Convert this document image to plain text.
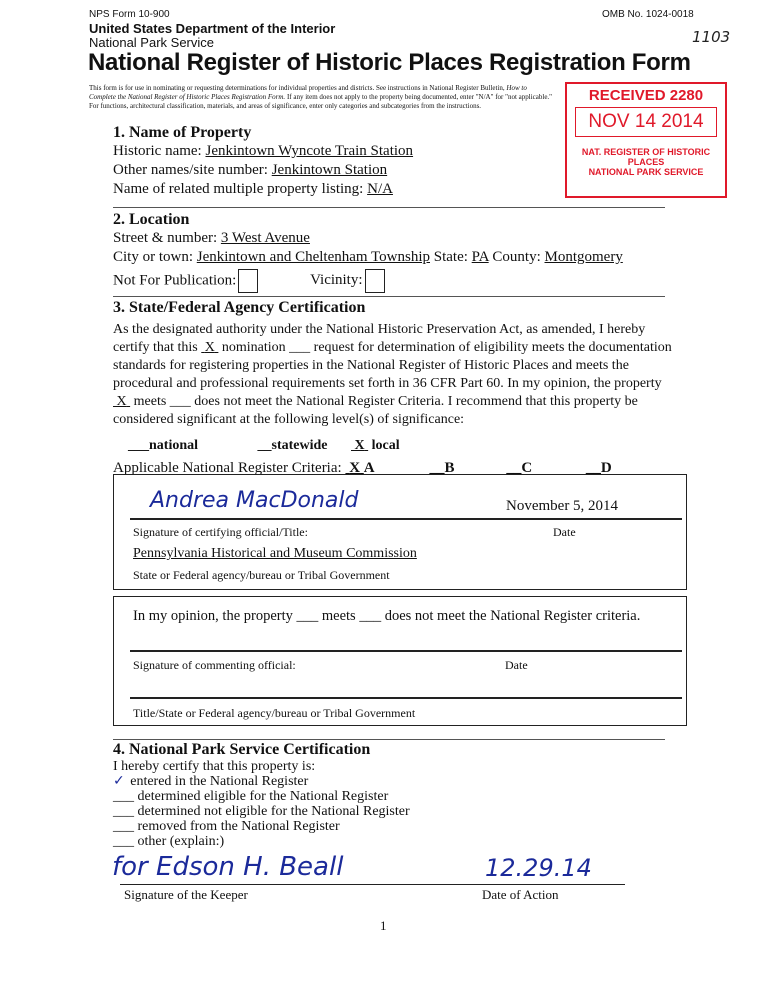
NPS Form 10-900	OMB No. 1024-0018
United States Department of the Interior
National Park Service	1103
National Register of Historic Places Registration Form
This form is for use in nominating or requesting determinations for individual properties and districts. See instructions in National Register Bulletin, How to Complete the National Register of Historic Places Registration Form. If any item does not apply to the property being documented, enter "N/A" for "not applicable." For functions, architectural classification, materials, and areas of significance, enter only categories and subcategories from the instructions.
RECEIVED 2280
NOV 14 2014
NAT. REGISTER OF HISTORIC PLACES
NATIONAL PARK SERVICE

1. Name of Property

Historic name: Jenkintown Wyncote Train Station

Other names/site number: Jenkintown Station

Name of related multiple property listing: N/A

2. Location

Street & number: 3 West Avenue

City or town: Jenkintown and Cheltenham Township State: PA County: Montgomery

Not For Publication:	Vicinity:

3. State/Federal Agency Certification

As the designated authority under the National Historic Preservation Act, as amended, I hereby certify that this X nomination ___ request for determination of eligibility meets the documentation standards for registering properties in the National Register of Historic Places and meets the procedural and professional requirements set forth in 36 CFR Part 60. In my opinion, the property  X meets ___ does not meet the National Register Criteria. I recommend that this property be considered significant at the following level(s) of significance:

___national	__statewide X local

Applicable National Register Criteria: X A	__B	__C	__D

Andrea MacDonald	November 5, 2014
Signature of certifying official/Title:	Date
Pennsylvania Historical and Museum Commission
State or Federal agency/bureau or Tribal Government
In my opinion, the property ___ meets ___ does not meet the National Register criteria.
Signature of commenting official:	Date
Title/State or Federal agency/bureau or Tribal Government

4. National Park Service Certification

I hereby certify that this property is:

✓ entered in the National Register

___ determined eligible for the National Register

___ determined not eligible for the National Register

___ removed from the National Register

___ other (explain:)

for Edson H. Beall	12.29.14
Signature of the Keeper	Date of Action
1
